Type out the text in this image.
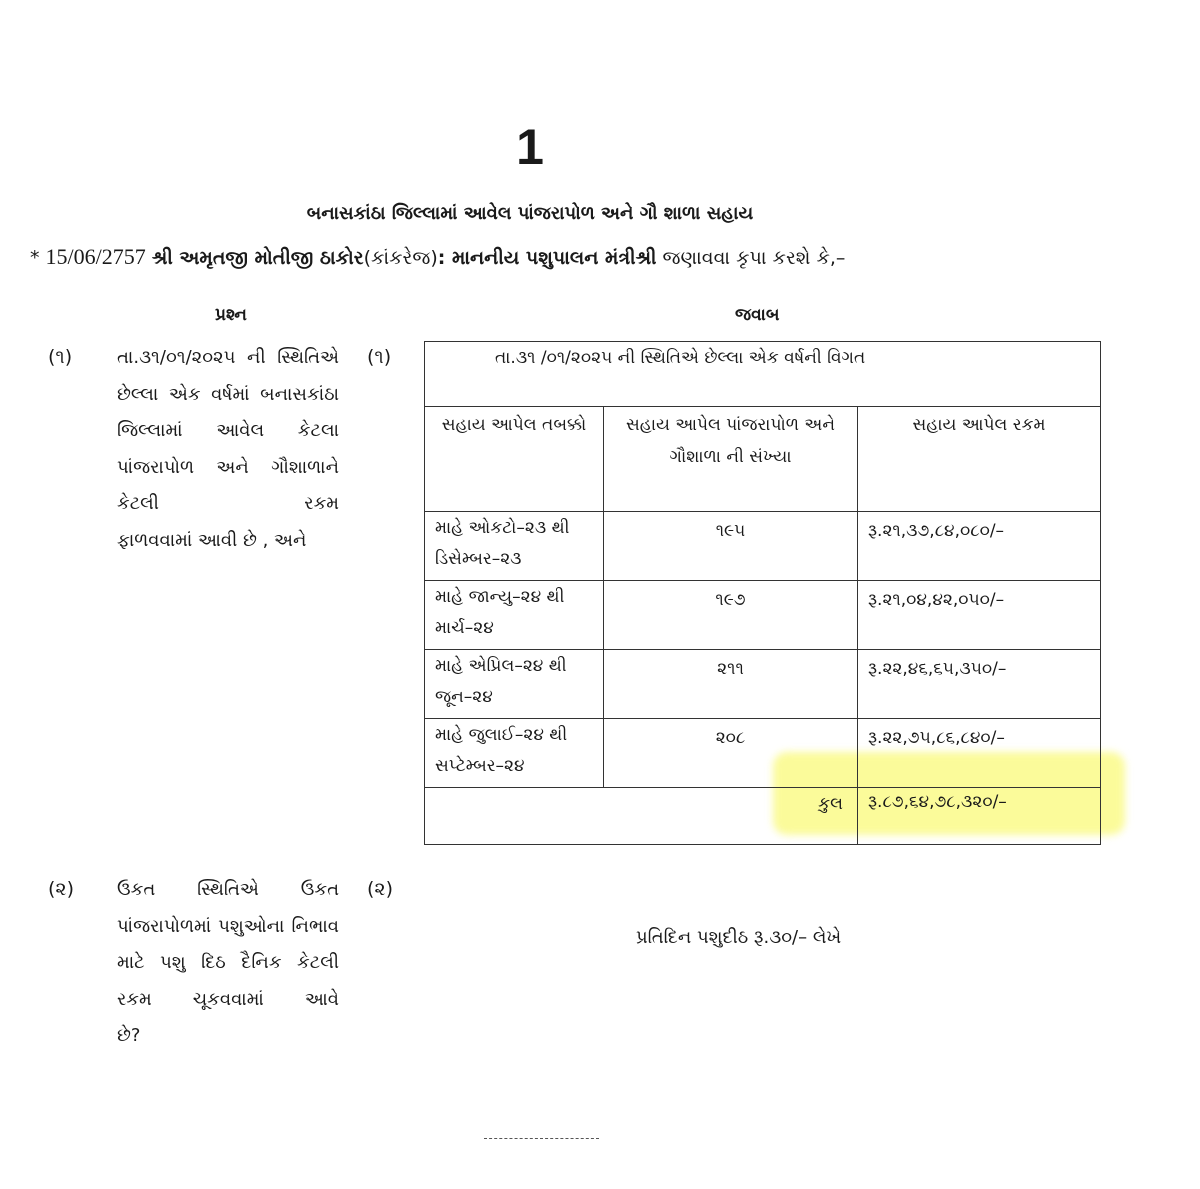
1
બનાસકાંઠા જિલ્લામાં આવેલ પાંજરાપોળ અને ગૌ શાળા સહાય
* 15/06/2757 શ્રી અમૃતજી મોતીજી ઠાકોર(કાંકરેજ): માનનીય પશુપાલન મંત્રીશ્રી જણાવવા કૃપા કરશે કે,–
પ્રશ્ન	જવાબ
(૧) તા.૩૧/૦૧/૨૦૨૫ ની સ્થિતિએ છેલ્લા એક વર્ષમાં બનાસકાંઠા જિલ્લામાં આવેલ કેટલા પાંજરાપોળ અને ગૌશાળાને કેટલી રકમ
ફાળવવામાં આવી છે , અને
(૧)	તા.૩૧ /૦૧/૨૦૨૫ ની સ્થિતિએ છેલ્લા એક વર્ષની વિગત		
સહાય આપેલ તબક્કો	સહાય આપેલ પાંજરાપોળ અને ગૌશાળા ની સંખ્યા	સહાય આપેલ રકમ
માહે ઓકટો–૨૩ થી ડિસેમ્બર–૨૩	૧૯૫	રૂ.૨૧,૩૭,૮૪,૦૮૦/–
માહે જાન્યુ–૨૪ થી માર્ચ–૨૪	૧૯૭	રૂ.૨૧,૦૪,૪૨,૦૫૦/–
માહે એપ્રિલ–૨૪ થી જૂન–૨૪	૨૧૧	રૂ.૨૨,૪૬,૬૫,૩૫૦/–
માહે જુલાઈ–૨૪ થી સપ્ટેમ્બર–૨૪	૨૦૮	રૂ.૨૨,૭૫,૮૬,૮૪૦/–
	કુલ	રૂ.૮૭,૬૪,૭૮,૩૨૦/–
(૨) ઉકત સ્થિતિએ ઉકત પાંજરાપોળમાં પશુઓના નિભાવ માટે પશુ દિઠ દૈનિક કેટલી રકમ ચૂકવવામાં આવે
છે?
(૨)
પ્રતિદિન પશુદીઠ રૂ.૩૦/– લેખે
